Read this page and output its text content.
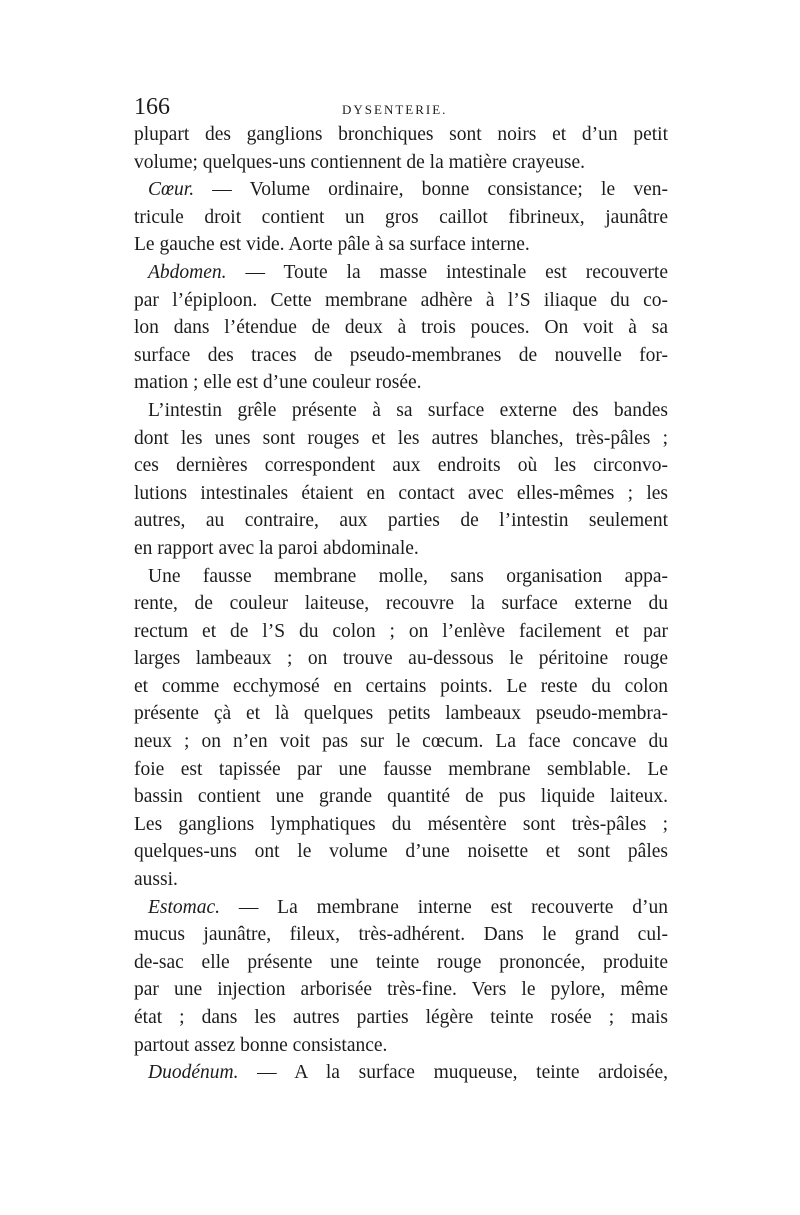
166	DYSENTERIE.
plupart des ganglions bronchiques sont noirs et d’un petit
volume; quelques-uns contiennent de la matière crayeuse.
Cœur. — Volume ordinaire, bonne consistance; le ven-
tricule droit contient un gros caillot fibrineux, jaunâtre
Le gauche est vide. Aorte pâle à sa surface interne.
Abdomen. — Toute la masse intestinale est recouverte
par l’épiploon. Cette membrane adhère à l’S iliaque du co-
lon dans l’étendue de deux à trois pouces. On voit à sa
surface des traces de pseudo-membranes de nouvelle for-
mation ; elle est d’une couleur rosée.
L’intestin grêle présente à sa surface externe des bandes
dont les unes sont rouges et les autres blanches, très-pâles ;
ces dernières correspondent aux endroits où les circonvo-
lutions intestinales étaient en contact avec elles-mêmes ; les
autres, au contraire, aux parties de l’intestin seulement
en rapport avec la paroi abdominale.
Une fausse membrane molle, sans organisation appa-
rente, de couleur laiteuse, recouvre la surface externe du
rectum et de l’S du colon ; on l’enlève facilement et par
larges lambeaux ; on trouve au-dessous le péritoine rouge
et comme ecchymosé en certains points. Le reste du colon
présente çà et là quelques petits lambeaux pseudo-membra-
neux ; on n’en voit pas sur le cœcum. La face concave du
foie est tapissée par une fausse membrane semblable. Le
bassin contient une grande quantité de pus liquide laiteux.
Les ganglions lymphatiques du mésentère sont très-pâles ;
quelques-uns ont le volume d’une noisette et sont pâles
aussi.
Estomac. — La membrane interne est recouverte d’un
mucus jaunâtre, fileux, très-adhérent. Dans le grand cul-
de-sac elle présente une teinte rouge prononcée, produite
par une injection arborisée très-fine. Vers le pylore, même
état ; dans les autres parties légère teinte rosée ; mais
partout assez bonne consistance.
Duodénum. — A la surface muqueuse, teinte ardoisée,
